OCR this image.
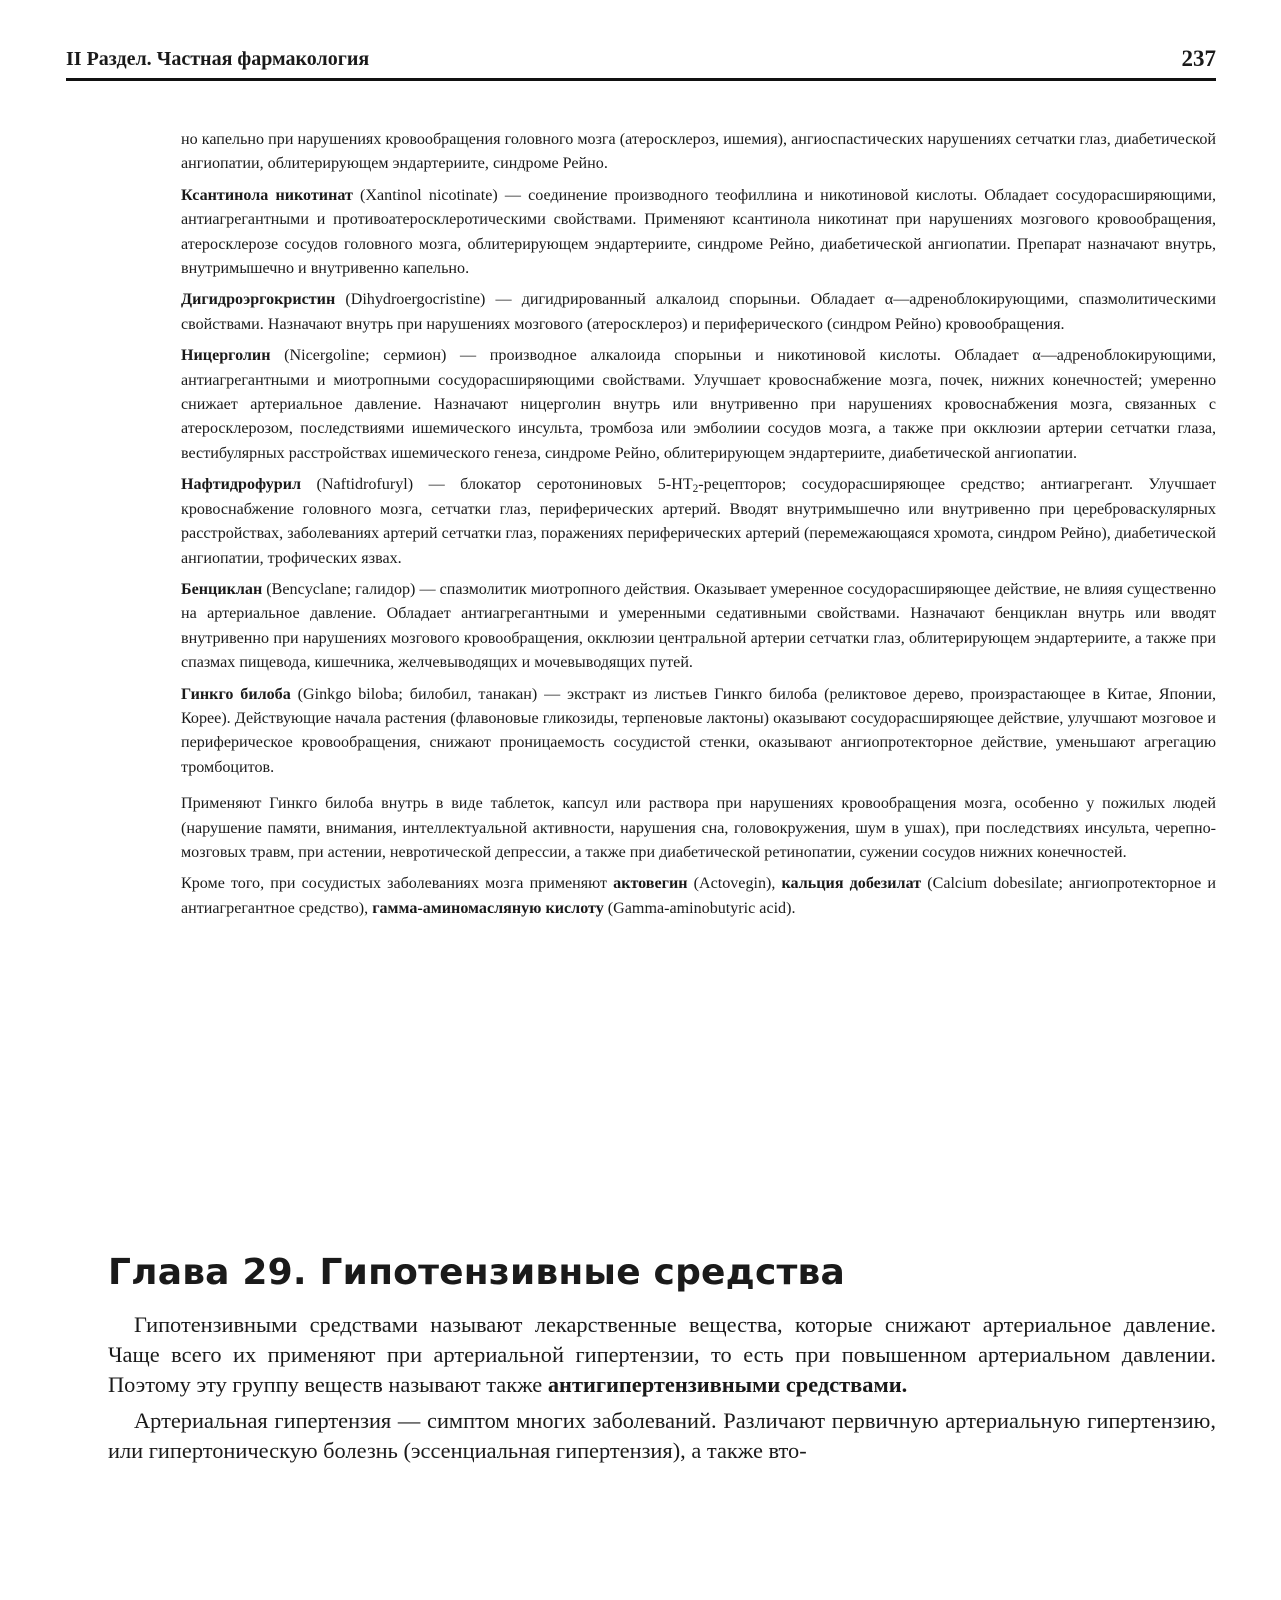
II Раздел. Частная фармакология	237

но капельно при нарушениях кровообращения головного мозга (атеросклероз, ишемия), ангиоспастических нарушениях сетчатки глаз, диабетической ангиопатии, облитерирующем эндартериите, синдроме Рейно.

Ксантинола никотинат (Xantinol nicotinate) — соединение производного теофиллина и никотиновой кислоты. Обладает сосудорасширяющими, антиагрегантными и противоатеросклеротическими свойствами. Применяют ксантинола никотинат при нарушениях мозгового кровообращения, атеросклерозе сосудов головного мозга, облитерирующем эндартериите, синдроме Рейно, диабетической ангиопатии. Препарат назначают внутрь, внутримышечно и внутривенно капельно.

Дигидроэргокристин (Dihydroergocristine) — дигидрированный алкалоид спорыньи. Обладает α—адреноблокирующими, спазмолитическими свойствами. Назначают внутрь при нарушениях мозгового (атеросклероз) и периферического (синдром Рейно) кровообращения.

Ницерголин (Nicergoline; сермион) — производное алкалоида спорыньи и никотиновой кислоты. Обладает α—адреноблокирующими, антиагрегантными и миотропными сосудорасширяющими свойствами. Улучшает кровоснабжение мозга, почек, нижних конечностей; умеренно снижает артериальное давление. Назначают ницерголин внутрь или внутривенно при нарушениях кровоснабжения мозга, связанных с атеросклерозом, последствиями ишемического инсульта, тромбоза или эмболиии сосудов мозга, а также при окклюзии артерии сетчатки глаза, вестибулярных расстройствах ишемического генеза, синдроме Рейно, облитерирующем эндартериите, диабетической ангиопатии.

Нафтидрофурил (Naftidrofuryl) — блокатор серотониновых $5-HT_2$-рецепторов; сосудорасширяющее средство; антиагрегант. Улучшает кровоснабжение головного мозга, сетчатки глаз, периферических артерий. Вводят внутримышечно или внутривенно при цереброваскулярных расстройствах, заболеваниях артерий сетчатки глаз, поражениях периферических артерий (перемежающаяся хромота, синдром Рейно), диабетической ангиопатии, трофических язвах.

Бенциклан (Bencyclane; галидор) — спазмолитик миотропного действия. Оказывает умеренное сосудорасширяющее действие, не влияя существенно на артериальное давление. Обладает антиагрегантными и умеренными седативными свойствами. Назначают бенциклан внутрь или вводят внутривенно при нарушениях мозгового кровообращения, окклюзии центральной артерии сетчатки глаз, облитерирующем эндартериите, а также при спазмах пищевода, кишечника, желчевыводящих и мочевыводящих путей.

Гинкго билоба (Ginkgo biloba; билобил, танакан) — экстракт из листьев Гинкго билоба (реликтовое дерево, произрастающее в Китае, Японии, Корее). Действующие начала растения (флавоновые гликозиды, терпеновые лактоны) оказывают сосудорасширяющее действие, улучшают мозговое и периферическое кровообращения, снижают проницаемость сосудистой стенки, оказывают ангиопротекторное действие, уменьшают агрегацию тромбоцитов.

Применяют Гинкго билоба внутрь в виде таблеток, капсул или раствора при нарушениях кровообращения мозга, особенно у пожилых людей (нарушение памяти, внимания, интеллектуальной активности, нарушения сна, головокружения, шум в ушах), при последствиях инсульта, черепно-мозговых травм, при астении, невротической депрессии, а также при диабетической ретинопатии, сужении сосудов нижних конечностей.

Кроме того, при сосудистых заболеваниях мозга применяют актовегин (Actovegin), кальция добезилат (Calcium dobesilate; ангиопротекторное и антиагрегантное средство), гамма-аминомасляную кислоту (Gamma-aminobutyric acid).

Глава 29. Гипотензивные средства

Гипотензивными средствами называют лекарственные вещества, которые снижают артериальное давление. Чаще всего их применяют при артериальной гипертензии, то есть при повышенном артериальном давлении. Поэтому эту группу веществ называют также антигипертензивными средствами.

Артериальная гипертензия — симптом многих заболеваний. Различают первичную артериальную гипертензию, или гипертоническую болезнь (эссенциальная гипертензия), а также вто-
